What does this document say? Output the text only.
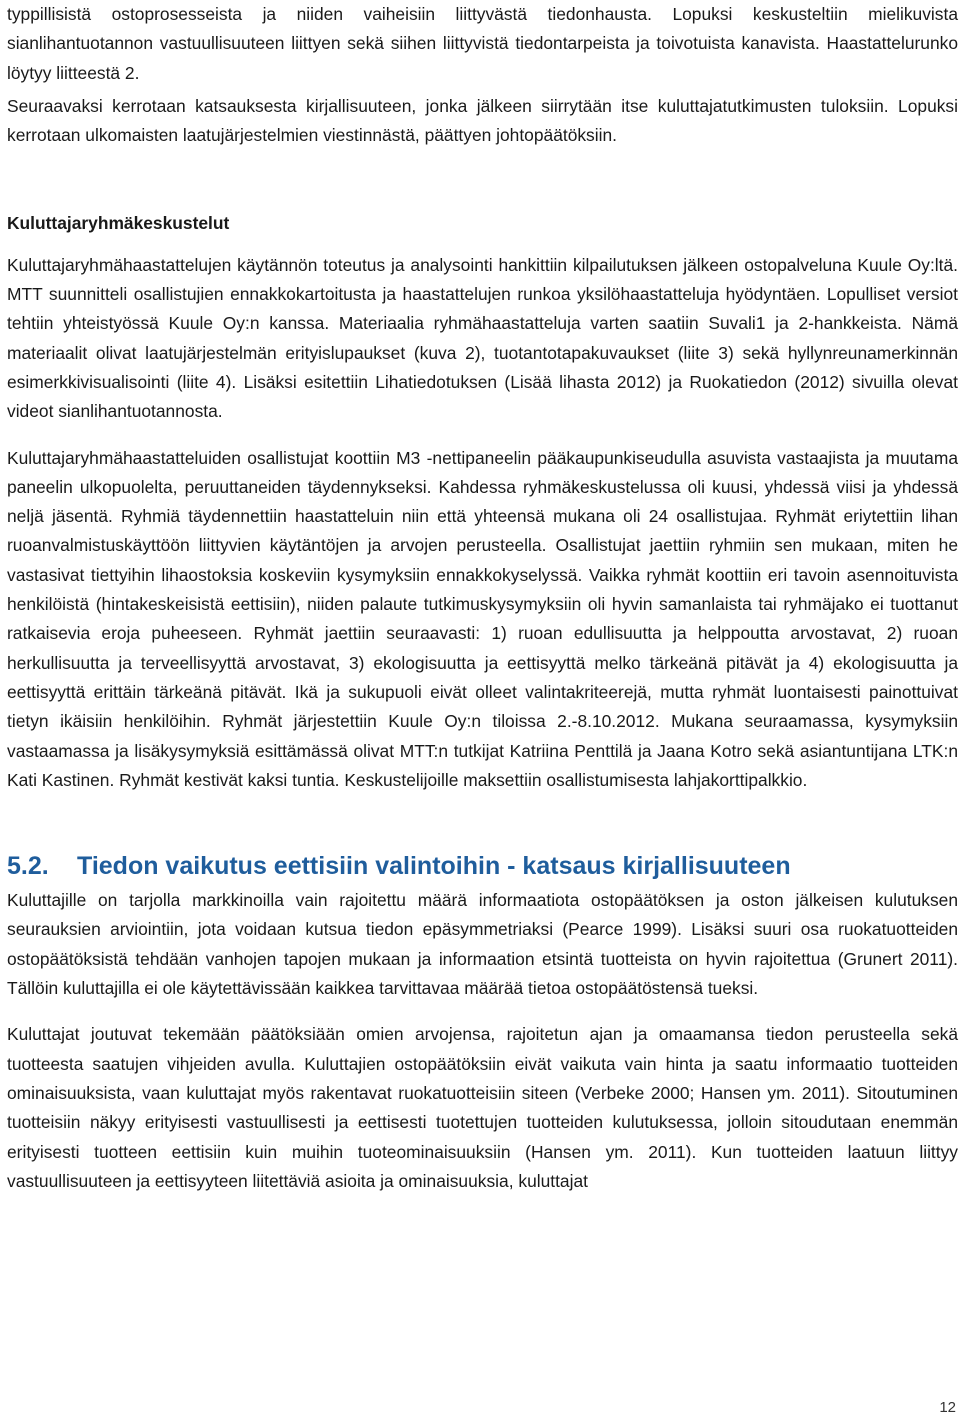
typpillisistä ostoprosesseista ja niiden vaiheisiin liittyvästä tiedonhausta. Lopuksi keskusteltiin mielikuvista sianlihantuotannon vastuullisuuteen liittyen sekä siihen liittyvistä tiedontarpeista ja toivotuista kanavista. Haastattelurunko löytyy liitteestä 2.

Seuraavaksi kerrotaan katsauksesta kirjallisuuteen, jonka jälkeen siirrytään itse kuluttajatutkimusten tuloksiin. Lopuksi kerrotaan ulkomaisten laatujärjestelmien viestinnästä, päättyen johtopäätöksiin.

Kuluttajaryhmäkeskustelut

Kuluttajaryhmähaastattelujen käytännön toteutus ja analysointi hankittiin kilpailutuksen jälkeen ostopalveluna Kuule Oy:ltä. MTT suunnitteli osallistujien ennakkokartoitusta ja haastattelujen runkoa yksilöhaastatteluja hyödyntäen. Lopulliset versiot tehtiin yhteistyössä Kuule Oy:n kanssa. Materiaalia ryhmähaastatteluja varten saatiin Suvali1 ja 2-hankkeista. Nämä materiaalit olivat laatujärjestelmän erityislupaukset (kuva 2), tuotantotapakuvaukset (liite 3) sekä hyllynreunamerkinnän esimerkkivisualisointi (liite 4). Lisäksi esitettiin Lihatiedotuksen (Lisää lihasta 2012) ja Ruokatiedon (2012) sivuilla olevat videot sianlihantuotannosta.

Kuluttajaryhmähaastatteluiden osallistujat koottiin M3 -nettipaneelin pääkaupunkiseudulla asuvista vastaajista ja muutama paneelin ulkopuolelta, peruuttaneiden täydennykseksi. Kahdessa ryhmäkeskustelussa oli kuusi, yhdessä viisi ja yhdessä neljä jäsentä. Ryhmiä täydennettiin haastatteluin niin että yhteensä mukana oli 24 osallistujaa. Ryhmät eriytettiin lihan ruoanvalmistuskäyttöön liittyvien käytäntöjen ja arvojen perusteella. Osallistujat jaettiin ryhmiin sen mukaan, miten he vastasivat tiettyihin lihaostoksia koskeviin kysymyksiin ennakkokyselyssä. Vaikka ryhmät koottiin eri tavoin asennoituvista henkilöistä (hintakeskeisistä eettisiin), niiden palaute tutkimuskysymyksiin oli hyvin samanlaista tai ryhmäjako ei tuottanut ratkaisevia eroja puheeseen. Ryhmät jaettiin seuraavasti: 1) ruoan edullisuutta ja helppoutta arvostavat, 2) ruoan herkullisuutta ja terveellisyyttä arvostavat, 3) ekologisuutta ja eettisyyttä melko tärkeänä pitävät ja 4) ekologisuutta ja eettisyyttä erittäin tärkeänä pitävät. Ikä ja sukupuoli eivät olleet valintakriteerejä, mutta ryhmät luontaisesti painottuivat tietyn ikäisiin henkilöihin. Ryhmät järjestettiin Kuule Oy:n tiloissa 2.-8.10.2012. Mukana seuraamassa, kysymyksiin vastaamassa ja lisäkysymyksiä esittämässä olivat MTT:n tutkijat Katriina Penttilä ja Jaana Kotro sekä asiantuntijana LTK:n Kati Kastinen. Ryhmät kestivät kaksi tuntia. Keskustelijoille maksettiin osallistumisesta lahjakorttipalkkio.

5.2.	Tiedon vaikutus eettisiin valintoihin - katsaus kirjallisuuteen

Kuluttajille on tarjolla markkinoilla vain rajoitettu määrä informaatiota ostopäätöksen ja oston jälkeisen kulutuksen seurauksien arviointiin, jota voidaan kutsua tiedon epäsymmetriaksi (Pearce 1999). Lisäksi suuri osa ruokatuotteiden ostopäätöksistä tehdään vanhojen tapojen mukaan ja informaation etsintä tuotteista on hyvin rajoitettua (Grunert 2011). Tällöin kuluttajilla ei ole käytettävissään kaikkea tarvittavaa määrää tietoa ostopäätöstensä tueksi.

Kuluttajat joutuvat tekemään päätöksiään omien arvojensa, rajoitetun ajan ja omaamansa tiedon perusteella sekä tuotteesta saatujen vihjeiden avulla. Kuluttajien ostopäätöksiin eivät vaikuta vain hinta ja saatu informaatio tuotteiden ominaisuuksista, vaan kuluttajat myös rakentavat ruokatuotteisiin siteen (Verbeke 2000; Hansen ym. 2011). Sitoutuminen tuotteisiin näkyy erityisesti vastuullisesti ja eettisesti tuotettujen tuotteiden kulutuksessa, jolloin sitoudutaan enemmän erityisesti tuotteen eettisiin kuin muihin tuoteominaisuuksiin (Hansen ym. 2011). Kun tuotteiden laatuun liittyy vastuullisuuteen ja eettisyyteen liitettäviä asioita ja ominaisuuksia, kuluttajat

12
